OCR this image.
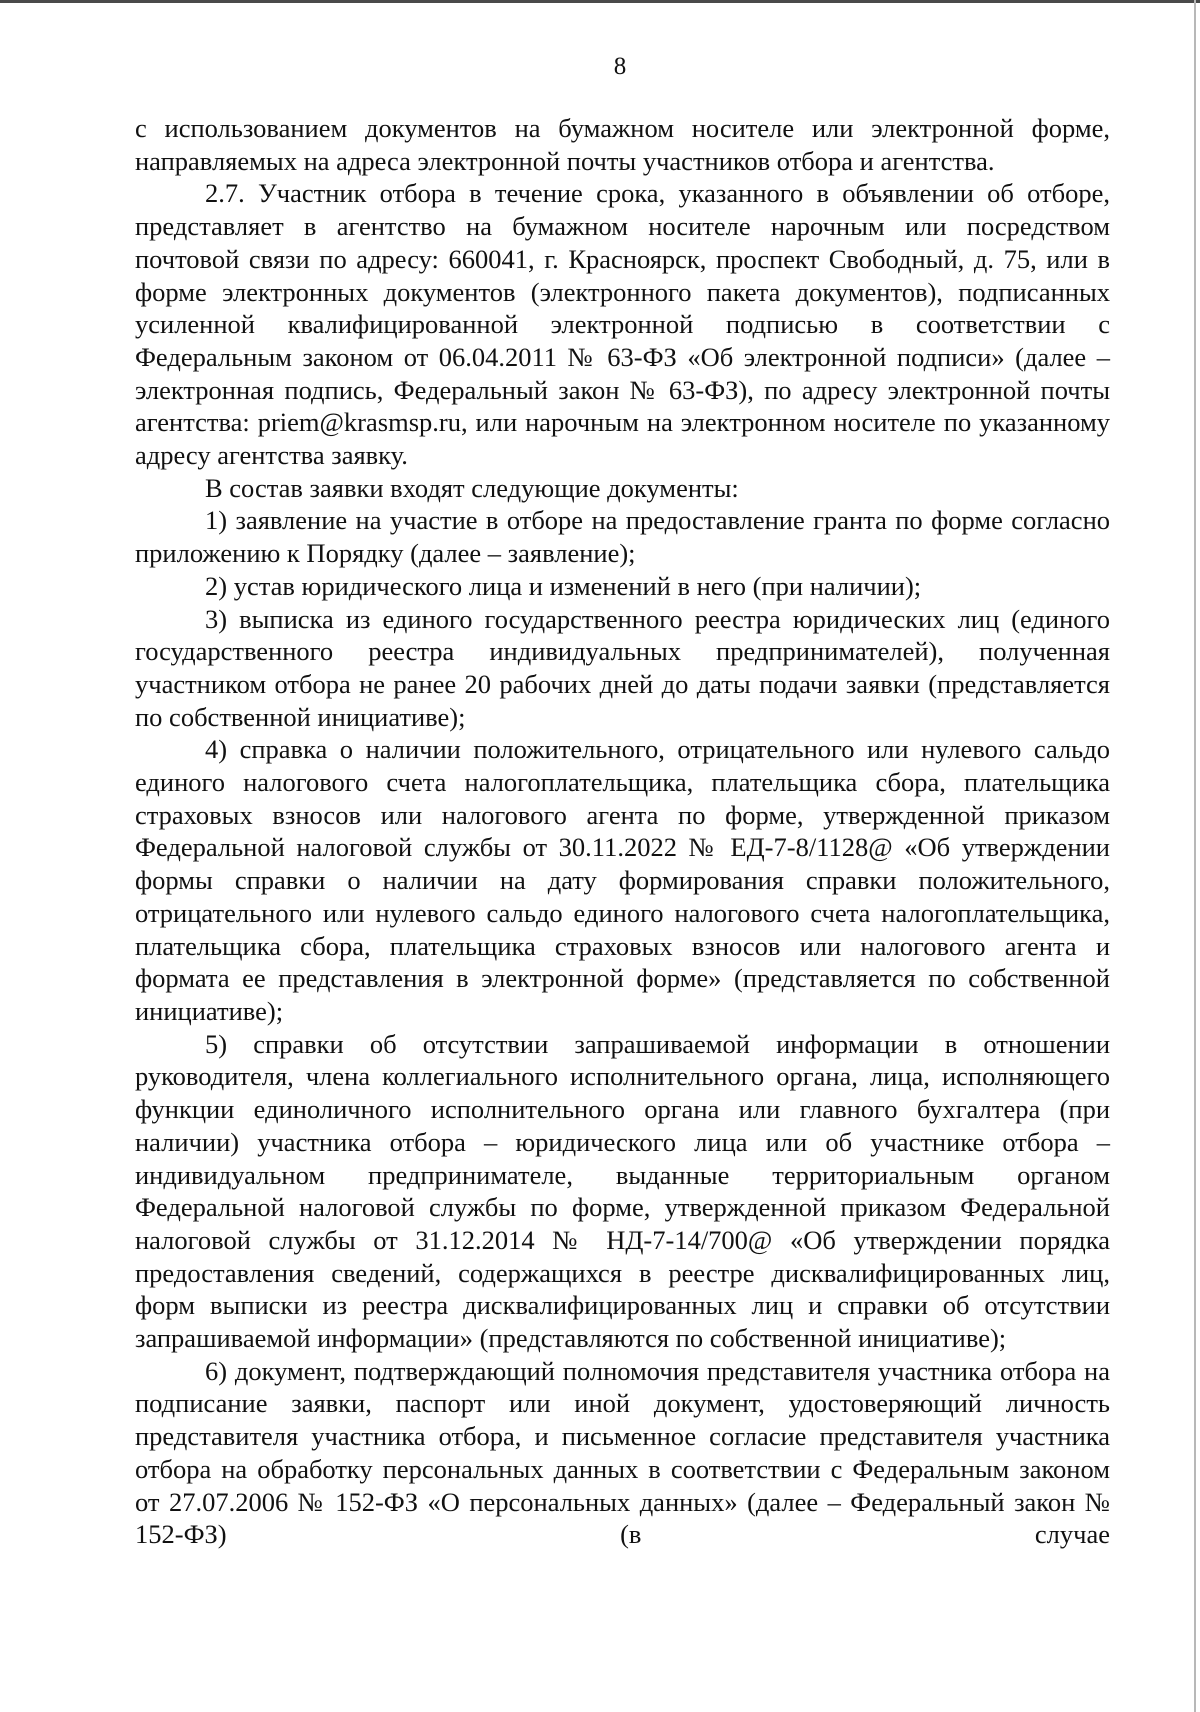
8

с использованием документов на бумажном носителе или электронной форме, направляемых на адреса электронной почты участников отбора и агентства.

2.7. Участник отбора в течение срока, указанного в объявлении об отборе, представляет в агентство на бумажном носителе нарочным или посредством почтовой связи по адресу: 660041, г. Красноярск, проспект Свободный, д. 75, или в форме электронных документов (электронного пакета документов), подписанных усиленной квалифицированной электронной подписью в соответствии с Федеральным законом от 06.04.2011 № 63-ФЗ «Об электронной подписи» (далее – электронная подпись, Федеральный закон № 63-ФЗ), по адресу электронной почты агентства: priem@krasmsp.ru, или нарочным на электронном носителе по указанному адресу агентства заявку.

В состав заявки входят следующие документы:

1) заявление на участие в отборе на предоставление гранта по форме согласно приложению к Порядку (далее – заявление);

2) устав юридического лица и изменений в него (при наличии);

3) выписка из единого государственного реестра юридических лиц (единого государственного реестра индивидуальных предпринимателей), полученная участником отбора не ранее 20 рабочих дней до даты подачи заявки (представляется по собственной инициативе);

4) справка о наличии положительного, отрицательного или нулевого сальдо единого налогового счета налогоплательщика, плательщика сбора, плательщика страховых взносов или налогового агента по форме, утвержденной приказом Федеральной налоговой службы от 30.11.2022 № ЕД-7-8/1128@ «Об утверждении формы справки о наличии на дату формирования справки положительного, отрицательного или нулевого сальдо единого налогового счета налогоплательщика, плательщика сбора, плательщика страховых взносов или налогового агента и формата ее представления в электронной форме» (представляется по собственной инициативе);

5) справки об отсутствии запрашиваемой информации в отношении руководителя, члена коллегиального исполнительного органа, лица, исполняющего функции единоличного исполнительного органа или главного бухгалтера (при наличии) участника отбора – юридического лица или об участнике отбора – индивидуальном предпринимателе, выданные территориальным органом Федеральной налоговой службы по форме, утвержденной приказом Федеральной налоговой службы от 31.12.2014 № НД-7-14/700@ «Об утверждении порядка предоставления сведений, содержащихся в реестре дисквалифицированных лиц, форм выписки из реестра дисквалифицированных лиц и справки об отсутствии запрашиваемой информации» (представляются по собственной инициативе);

6) документ, подтверждающий полномочия представителя участника отбора на подписание заявки, паспорт или иной документ, удостоверяющий личность представителя участника отбора, и письменное согласие представителя участника отбора на обработку персональных данных в соответствии с Федеральным законом от 27.07.2006 № 152-ФЗ «О персональных данных» (далее – Федеральный закон № 152-ФЗ) (в случае
